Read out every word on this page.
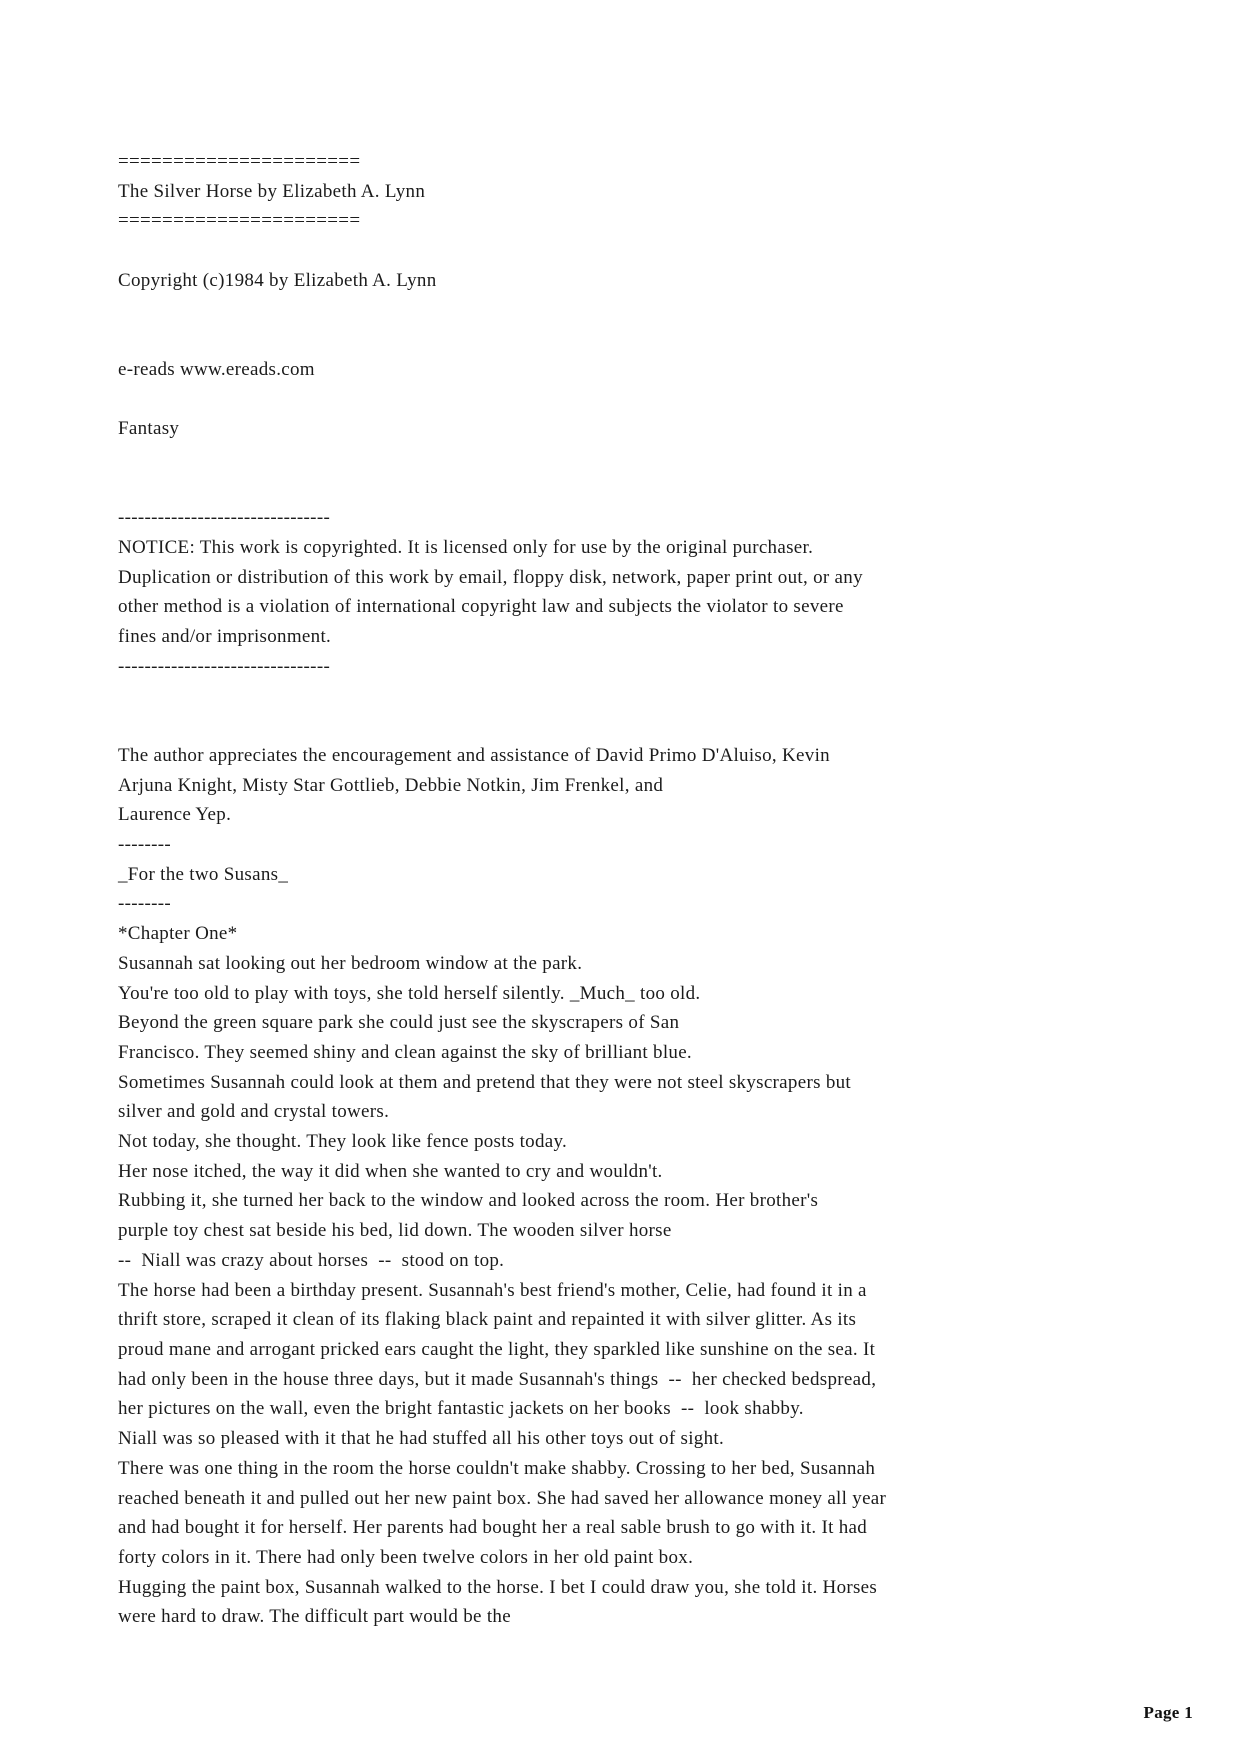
======================
The Silver Horse by Elizabeth A. Lynn
======================
Copyright (c)1984 by Elizabeth A. Lynn
e-reads www.ereads.com
Fantasy
--------------------------------
NOTICE: This work is copyrighted. It is licensed only for use by the original purchaser.
Duplication or distribution of this work by email, floppy disk, network, paper print out, or any
other method is a violation of international copyright law and subjects the violator to severe
fines and/or imprisonment.
--------------------------------
The author appreciates the encouragement and assistance of David Primo D'Aluiso, Kevin
Arjuna Knight, Misty Star Gottlieb, Debbie Notkin, Jim Frenkel, and
Laurence Yep.
--------
_For the two Susans_
--------
*Chapter One*
Susannah sat looking out her bedroom window at the park.
You're too old to play with toys, she told herself silently. _Much_ too old.
Beyond the green square park she could just see the skyscrapers of San
Francisco. They seemed shiny and clean against the sky of brilliant blue.
Sometimes Susannah could look at them and pretend that they were not steel skyscrapers but
silver and gold and crystal towers.
Not today, she thought. They look like fence posts today.
Her nose itched, the way it did when she wanted to cry and wouldn't.
Rubbing it, she turned her back to the window and looked across the room. Her brother's
purple toy chest sat beside his bed, lid down. The wooden silver horse
--  Niall was crazy about horses  --  stood on top.
The horse had been a birthday present. Susannah's best friend's mother, Celie, had found it in a
thrift store, scraped it clean of its flaking black paint and repainted it with silver glitter. As its
proud mane and arrogant pricked ears caught the light, they sparkled like sunshine on the sea. It
had only been in the house three days, but it made Susannah's things  --  her checked bedspread,
her pictures on the wall, even the bright fantastic jackets on her books  --  look shabby.
Niall was so pleased with it that he had stuffed all his other toys out of sight.
There was one thing in the room the horse couldn't make shabby. Crossing to her bed, Susannah
reached beneath it and pulled out her new paint box. She had saved her allowance money all year
and had bought it for herself. Her parents had bought her a real sable brush to go with it. It had
forty colors in it. There had only been twelve colors in her old paint box.
Hugging the paint box, Susannah walked to the horse. I bet I could draw you, she told it. Horses
were hard to draw. The difficult part would be the
Page 1
